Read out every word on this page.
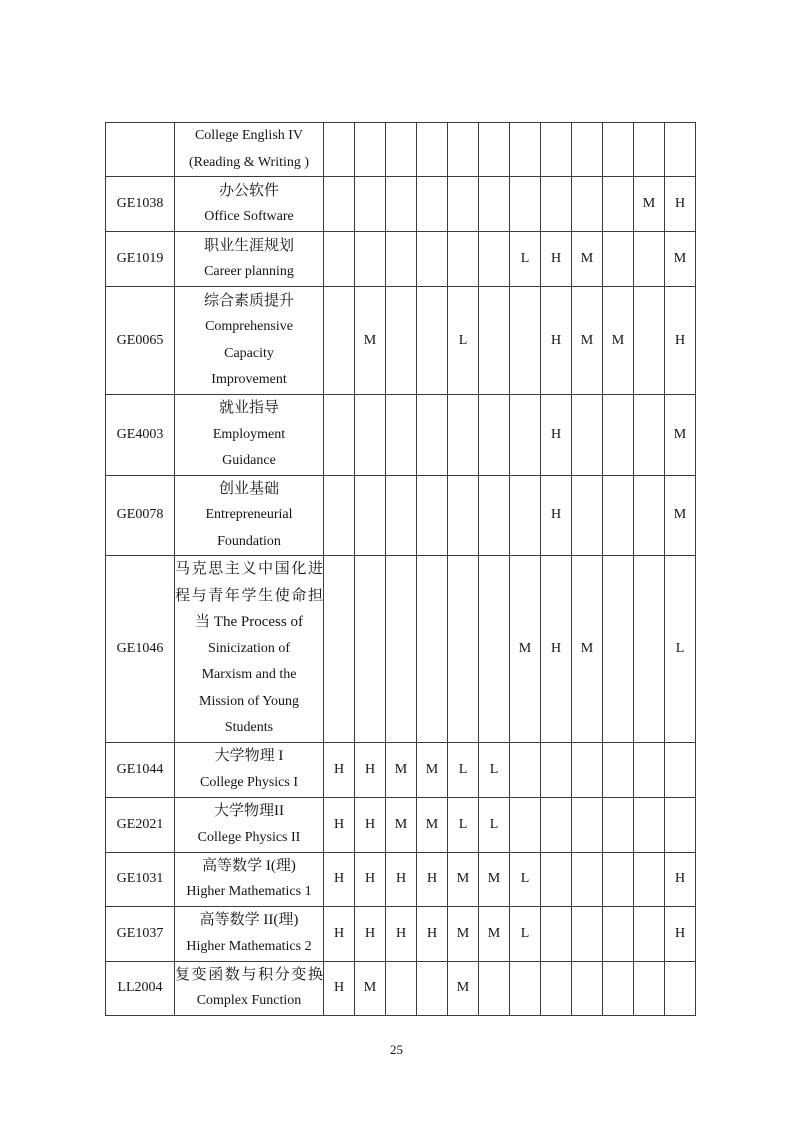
	College English IV
(Reading & Writing )												

GE1038	办公软件
Office Software											M	H
GE1019	职业生涯规划
Career planning							L	H	M			M
GE0065	综合素质提升
Comprehensive
Capacity
Improvement		M			L			H	M	M		H
GE4003	就业指导
Employment
Guidance								H				M
GE0078	创业基础
Entrepreneurial
Foundation								H				M
GE1046	
马克思主义中国化进
程与青年学生使命担
当 The Process of
Sinicization of
Marxism and the
Mission of Young
Students
							M	H	M			L
GE1044	大学物理 I
College Physics I	H	H	M	M	L	L						
GE2021	大学物理II
College Physics II	H	H	M	M	L	L						
GE1031	高等数学 I(理)
Higher Mathematics 1	H	H	H	H	M	M	L					H
GE1037	高等数学 II(理)
Higher Mathematics 2	H	H	H	H	M	M	L					H
LL2004	复变函数与积分变换
Complex Function	H	M			M							
25
